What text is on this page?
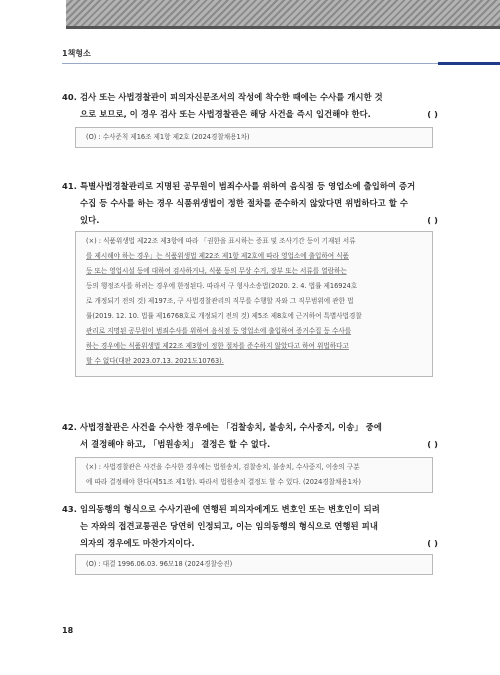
1책형소
40. 검사 또는 사법경찰관이 피의자신문조서의 작성에 착수한 때에는 수사를 개시한 것
으로 보므로, 이 경우 검사 또는 사법경찰관은 해당 사건을 즉시 입건해야 한다.	( )
(O) : 수사준칙 제16조 제1항 제2호 (2024경찰채용1차)
41. 특별사법경찰관리로 지명된 공무원이 범죄수사를 위하여 음식점 등 영업소에 출입하여 증거
수집 등 수사를 하는 경우 식품위생법이 정한 절차를 준수하지 않았다면 위법하다고 할 수
있다.	( )
(×) : 식품위생법 제22조 제3항에 따라 「권한을 표시하는 증표 및 조사기간 등이 기재된 서류
를 제시해야 하는 경우」는 식품위생법 제22조 제1항 제2호에 따라 영업소에 출입하여 식품
등 또는 영업시설 등에 대하여 검사하거나, 식품 등의 무상 수거, 장부 또는 서류를 열람하는
등의 행정조사를 하려는 경우에 한정된다. 따라서 구 형사소송법(2020. 2. 4. 법률 제16924호
로 개정되기 전의 것) 제197조, 구 사법경찰관리의 직무를 수행할 자와 그 직무범위에 관한 법
률(2019. 12. 10. 법률 제16768호로 개정되기 전의 것) 제5조 제8호에 근거하여 특별사법경찰
관리로 지명된 공무원이 범죄수사를 위하여 음식점 등 영업소에 출입하여 증거수집 등 수사를
하는 경우에는 식품위생법 제22조 제3항이 정한 절차를 준수하지 않았다고 하여 위법하다고
할 수 없다(대판 2023.07.13. 2021도10763).
42. 사법경찰관은 사건을 수사한 경우에는 「검찰송치, 불송치, 수사중지, 이송」 중에
서 결정해야 하고, 「범원송치」 결정은 할 수 없다.	( )
(×) : 사법경찰관은 사건을 수사한 경우에는 법원송치, 검찰송치, 불송치, 수사중지, 이송의 구분
에 따라 결정해야 한다(제51조 제1항). 따라서 법원송치 결정도 할 수 있다. (2024경찰채용1차)
43. 임의동행의 형식으로 수사기관에 연행된 피의자에게도 변호인 또는 변호인이 되려
는 자와의 접견교통권은 당연히 인정되고, 이는 임의동행의 형식으로 연행된 피내
의자의 경우에도 마찬가지이다.	( )
(O) : 대결 1996.06.03. 96모18 (2024경찰승진)
18
